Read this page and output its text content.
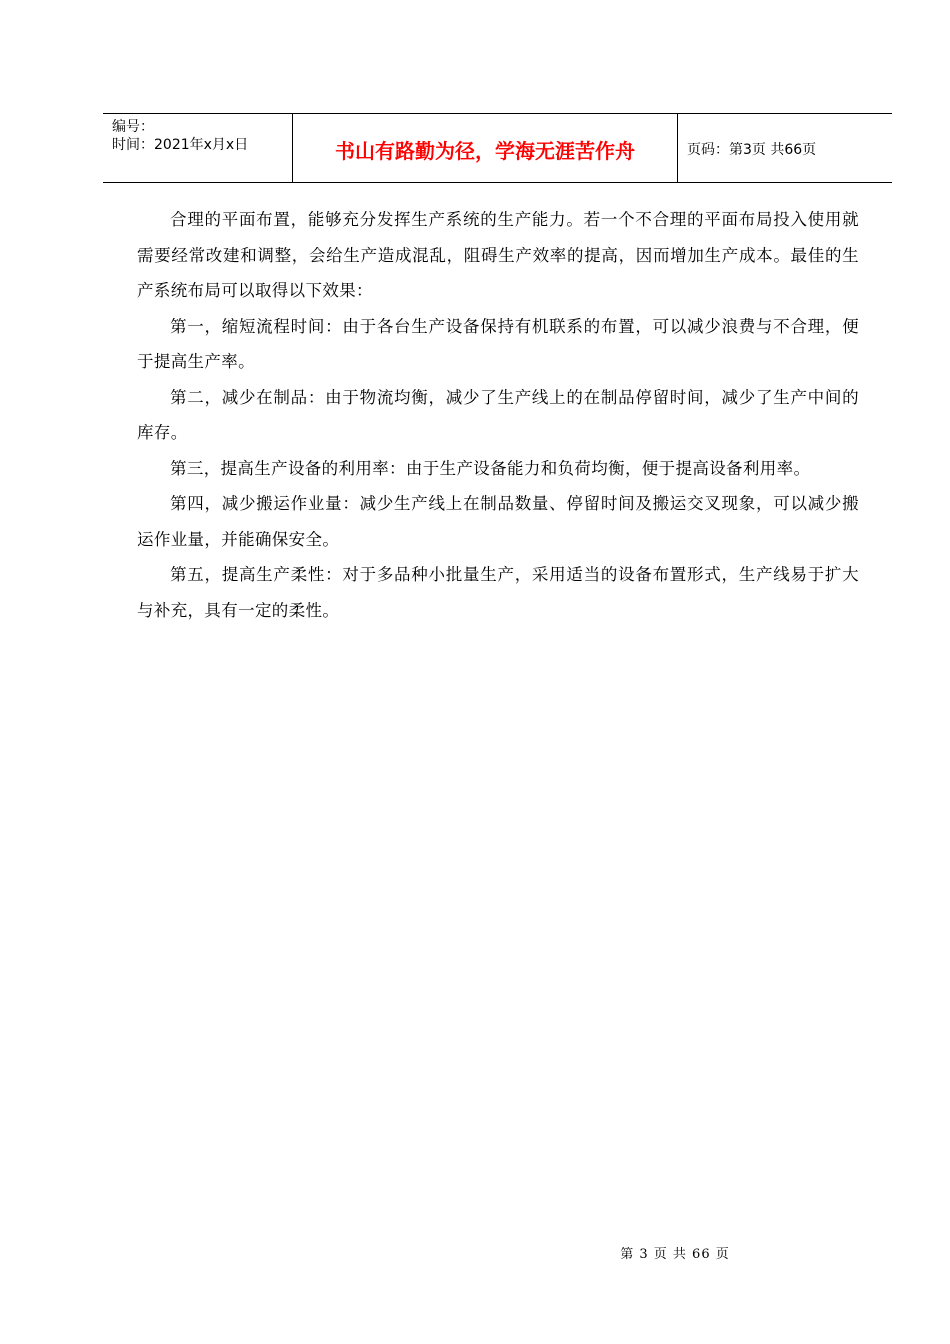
编号：
时间：2021年x月x日	书山有路勤为径，学海无涯苦作舟	页码：第3页 共66页

合理的平面布置，能够充分发挥生产系统的生产能力。若一个不合理的平面布局投入使用就需要经常改建和调整，会给生产造成混乱，阻碍生产效率的提高，因而增加生产成本。最佳的生产系统布局可以取得以下效果：

第一，缩短流程时间：由于各台生产设备保持有机联系的布置，可以减少浪费与不合理，便于提高生产率。

第二，减少在制品：由于物流均衡，减少了生产线上的在制品停留时间，减少了生产中间的库存。

第三，提高生产设备的利用率：由于生产设备能力和负荷均衡，便于提高设备利用率。

第四，减少搬运作业量：减少生产线上在制品数量、停留时间及搬运交叉现象，可以减少搬运作业量，并能确保安全。

第五，提高生产柔性：对于多品种小批量生产，采用适当的设备布置形式，生产线易于扩大与补充，具有一定的柔性。

第 3 页 共 66 页
